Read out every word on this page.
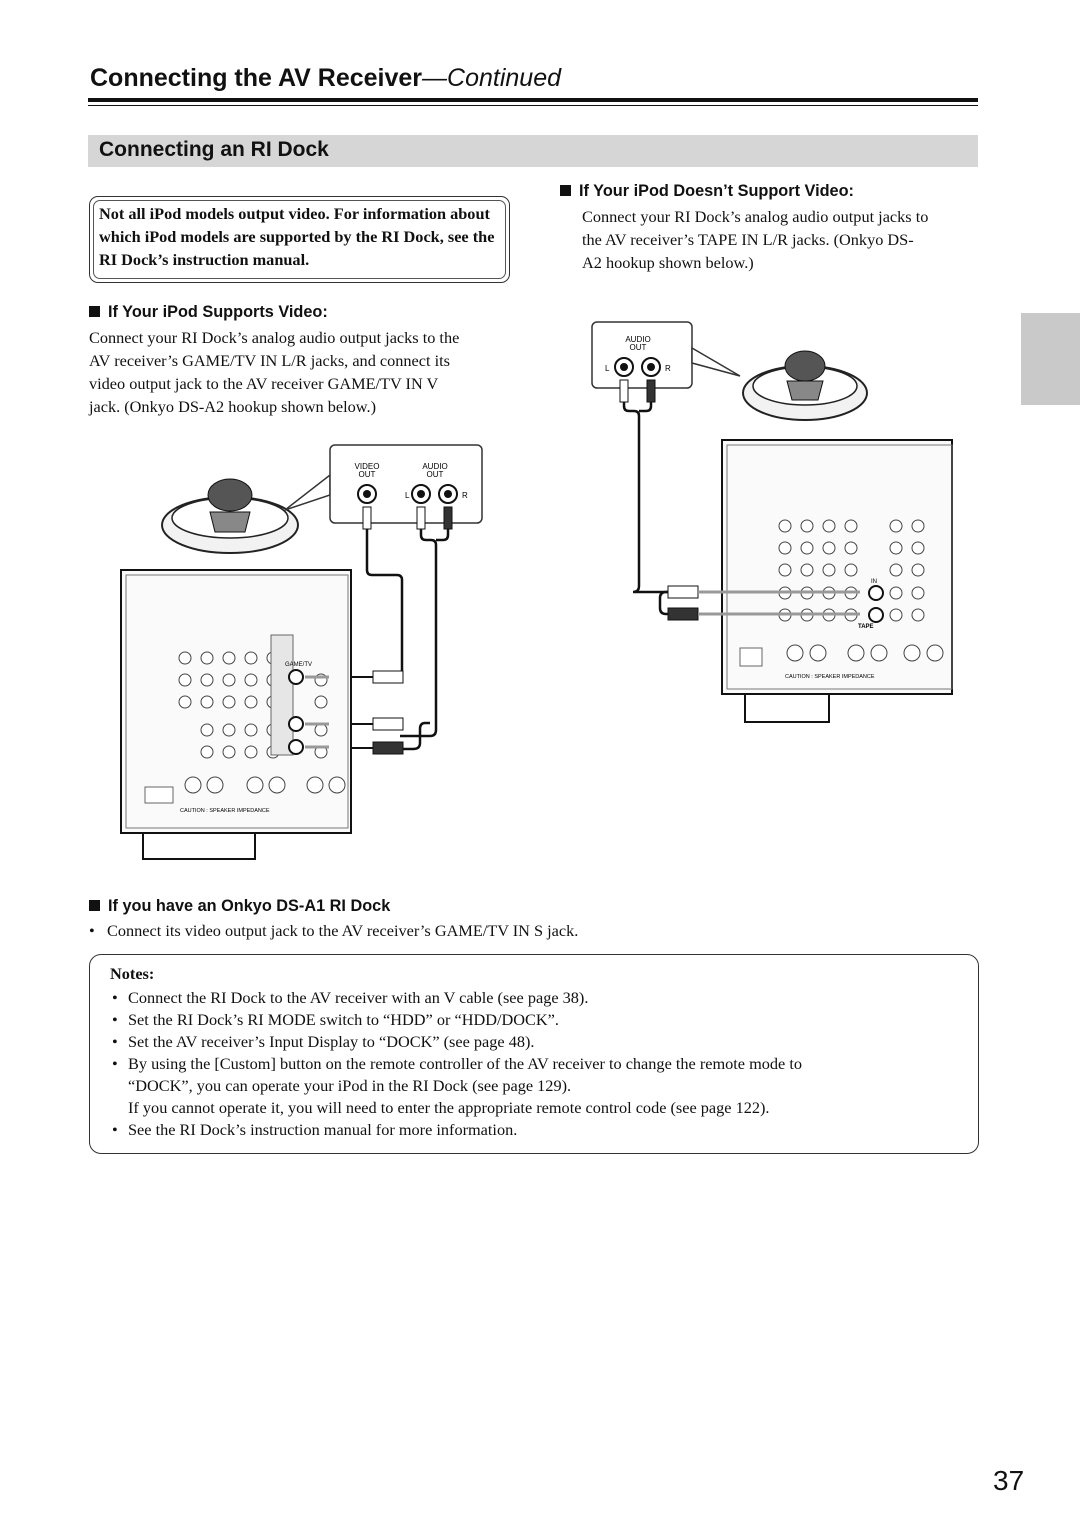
Connecting the AV Receiver—Continued
Connecting an RI Dock
Not all iPod models output video. For information about which iPod models are supported by the RI Dock, see the RI Dock’s instruction manual.
If Your iPod Supports Video:
Connect your RI Dock’s analog audio output jacks to the
AV receiver’s GAME/TV IN L/R jacks, and connect its
video output jack to the AV receiver GAME/TV IN V
jack. (Onkyo DS-A2 hookup shown below.)
If Your iPod Doesn’t Support Video:
Connect your RI Dock’s analog audio output jacks to
the AV receiver’s TAPE IN L/R jacks. (Onkyo DS-
A2 hookup shown below.)
VIDEO
OUT
AUDIO
OUT
L	R
GAME/TV
CAUTION : SPEAKER IMPEDANCE
AUDIO
OUT
L	R
IN
TAPE
CAUTION : SPEAKER IMPEDANCE
If you have an Onkyo DS-A1 RI Dock
• Connect its video output jack to the AV receiver’s GAME/TV IN S jack.
Notes:
• Connect the RI Dock to the AV receiver with an V cable (see page 38).
• Set the RI Dock’s RI MODE switch to “HDD” or “HDD/DOCK”.
• Set the AV receiver’s Input Display to “DOCK” (see page 48).
• By using the [Custom] button on the remote controller of the AV receiver to change the remote mode to
“DOCK”, you can operate your iPod in the RI Dock (see page 129).
If you cannot operate it, you will need to enter the appropriate remote control code (see page 122).
• See the RI Dock’s instruction manual for more information.
37
